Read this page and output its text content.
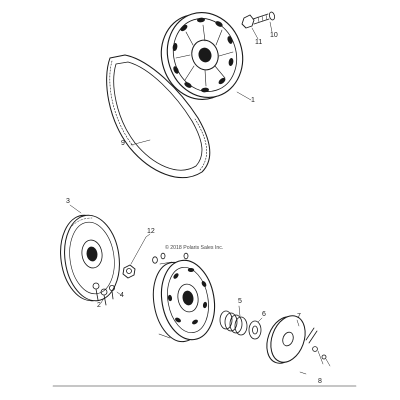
1
11
10
9
3
12
2
4
5
6	7
8
© 2018 Polaris Sales Inc.
